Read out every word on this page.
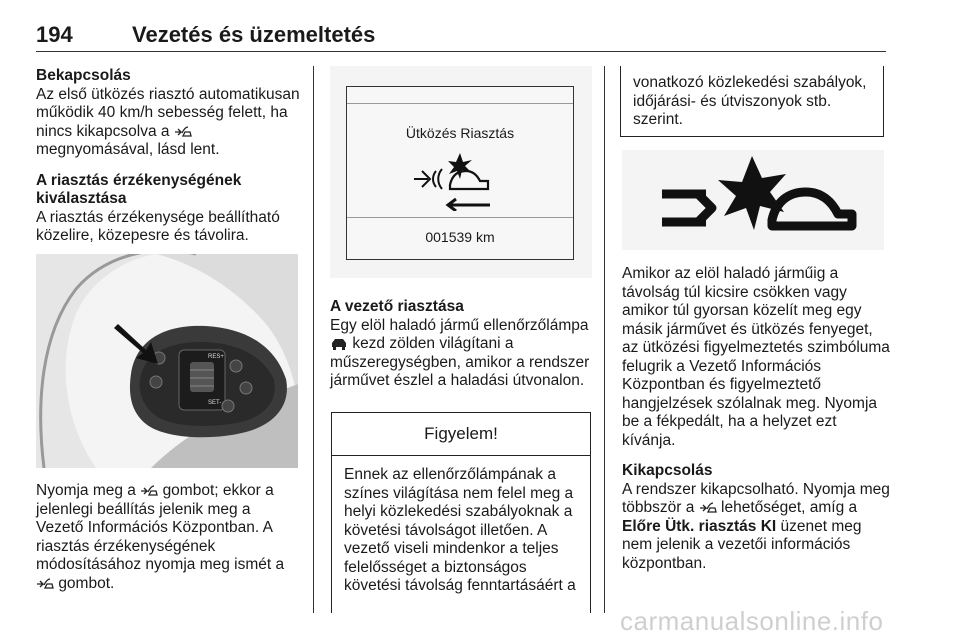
194	Vezetés és üzemeltetés
Bekapcsolás

Az első ütközés riasztó automatikusan működik 40 km/h sebesség felett, ha nincs kikapcsolva a  megnyomásával, lásd lent.

A riasztás érzékenységének kiválasztása

A riasztás érzékenysége beállítható közelire, közepesre és távolira.

RES+
SET-
Nyomja meg a gombot; ekkor a jelenlegi beállítás jelenik meg a Vezető Információs Központban. A riasztás érzékenységének módosításához nyomja meg ismét a  gombot.
Ütközés Riasztás
001539 km
A vezető riasztása
Egy elöl haladó jármű ellenőrzőlámpa  kezd zölden világítani a műszeregységben, amikor a rendszer járművet észlel a haladási útvonalon.
Figyelem!
Ennek az ellenőrzőlámpának a színes világítása nem felel meg a helyi közlekedési szabályoknak a követési távolságot illetően. A vezető viseli mindenkor a teljes felelősséget a biztonságos követési távolság fenntartásáért a
vonatkozó közlekedési szabályok, időjárási- és útviszonyok stb. szerint.

Amikor az elöl haladó járműig a távolság túl kicsire csökken vagy amikor túl gyorsan közelít meg egy másik járművet és ütközés fenyeget, az ütközési figyelmeztetés szimbóluma felugrik a Vezető Információs Központban és figyelmeztető hangjelzések szólalnak meg. Nyomja be a fékpedált, ha a helyzet ezt kívánja.

Kikapcsolás
A rendszer kikapcsolható. Nyomja meg többször a lehetőséget, amíg a Előre Ütk. riasztás KI üzenet meg nem jelenik a vezetői információs központban.
carmanualsonline.info
